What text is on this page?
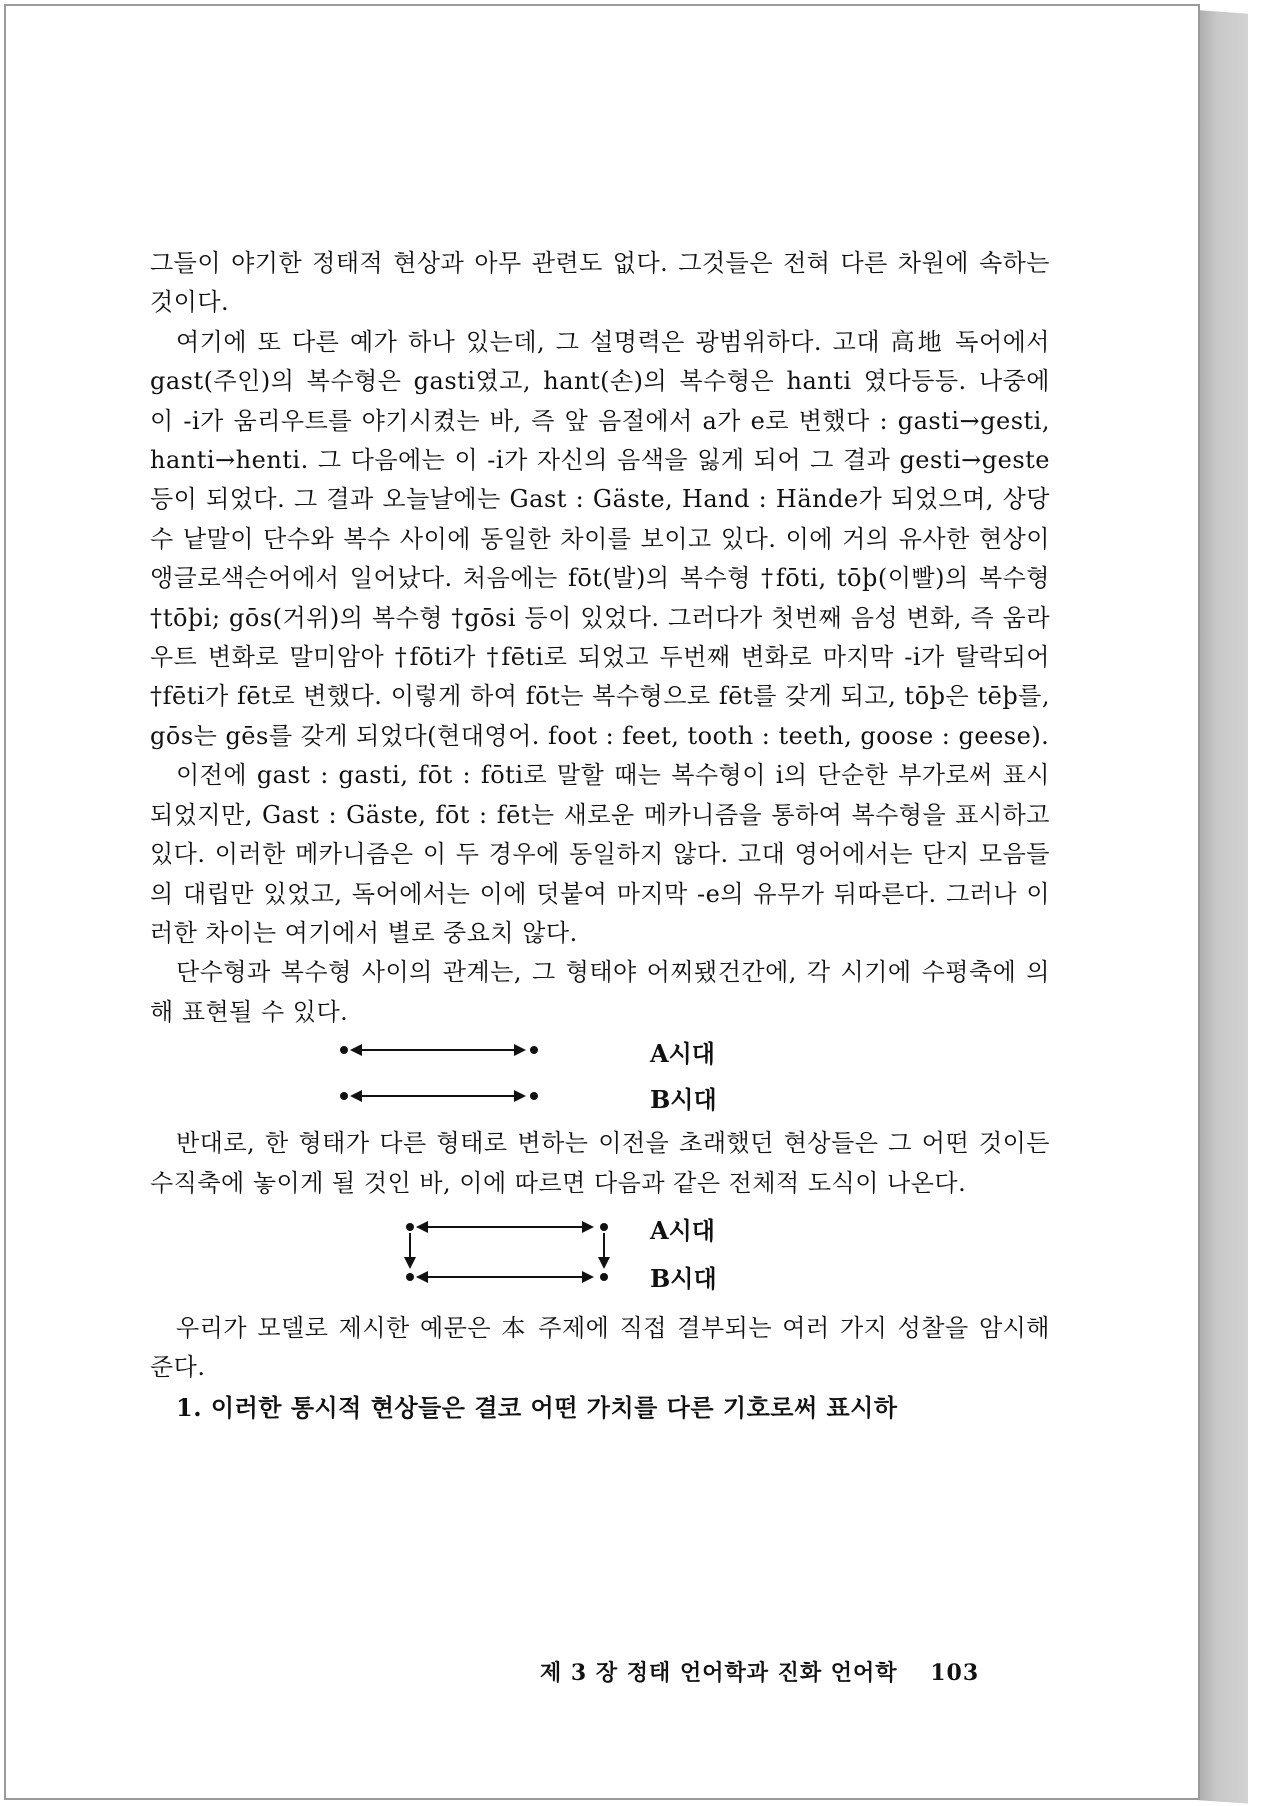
그들이 야기한 정태적 현상과 아무 관련도 없다. 그것들은 전혀 다른 차원에 속하는 것이다.

여기에 또 다른 예가 하나 있는데, 그 설명력은 광범위하다. 고대 高地 독어에서 gast(주인)의 복수형은 gasti였고, hant(손)의 복수형은 hanti 였다등등. 나중에 이 -i가 움리우트를 야기시켰는 바, 즉 앞 음절에서 a가 e로 변했다 : gasti→gesti, hanti→henti. 그 다음에는 이 -i가 자신의 음색을 잃게 되어 그 결과 gesti→geste 등이 되었다. 그 결과 오늘날에는 Gast : Gäste, Hand : Hände가 되었으며, 상당수 낱말이 단수와 복수 사이에 동일한 차이를 보이고 있다. 이에 거의 유사한 현상이 앵글로색슨어에서 일어났다. 처음에는 fōt(발)의 복수형 †fōti, tōþ(이빨)의 복수형 †tōþi; gōs(거위)의 복수형 †gōsi 등이 있었다. 그러다가 첫번째 음성 변화, 즉 움라우트 변화로 말미암아 †fōti가 †fēti로 되었고 두번째 변화로 마지막 -i가 탈락되어 †fēti가 fēt로 변했다. 이렇게 하여 fōt는 복수형으로 fēt를 갖게 되고, tōþ은 tēþ를, gōs는 gēs를 갖게 되었다(현대영어. foot : feet, tooth : teeth, goose : geese).

이전에 gast : gasti, fōt : fōti로 말할 때는 복수형이 i의 단순한 부가로써 표시되었지만, Gast : Gäste, fōt : fēt는 새로운 메카니즘을 통하여 복수형을 표시하고 있다. 이러한 메카니즘은 이 두 경우에 동일하지 않다. 고대 영어에서는 단지 모음들의 대립만 있었고, 독어에서는 이에 덧붙여 마지막 -e의 유무가 뒤따른다. 그러나 이러한 차이는 여기에서 별로 중요치 않다.

단수형과 복수형 사이의 관계는, 그 형태야 어찌됐건간에, 각 시기에 수평축에 의해 표현될 수 있다.

A시대
B시대

반대로, 한 형태가 다른 형태로 변하는 이전을 초래했던 현상들은 그 어떤 것이든 수직축에 놓이게 될 것인 바, 이에 따르면 다음과 같은 전체적 도식이 나온다.

A시대
B시대

우리가 모델로 제시한 예문은 本 주제에 직접 결부되는 여러 가지 성찰을 암시해 준다.

1. 이러한 통시적 현상들은 결코 어떤 가치를 다른 기호로써 표시하

제 3 장 정태 언어학과 진화 언어학 103
